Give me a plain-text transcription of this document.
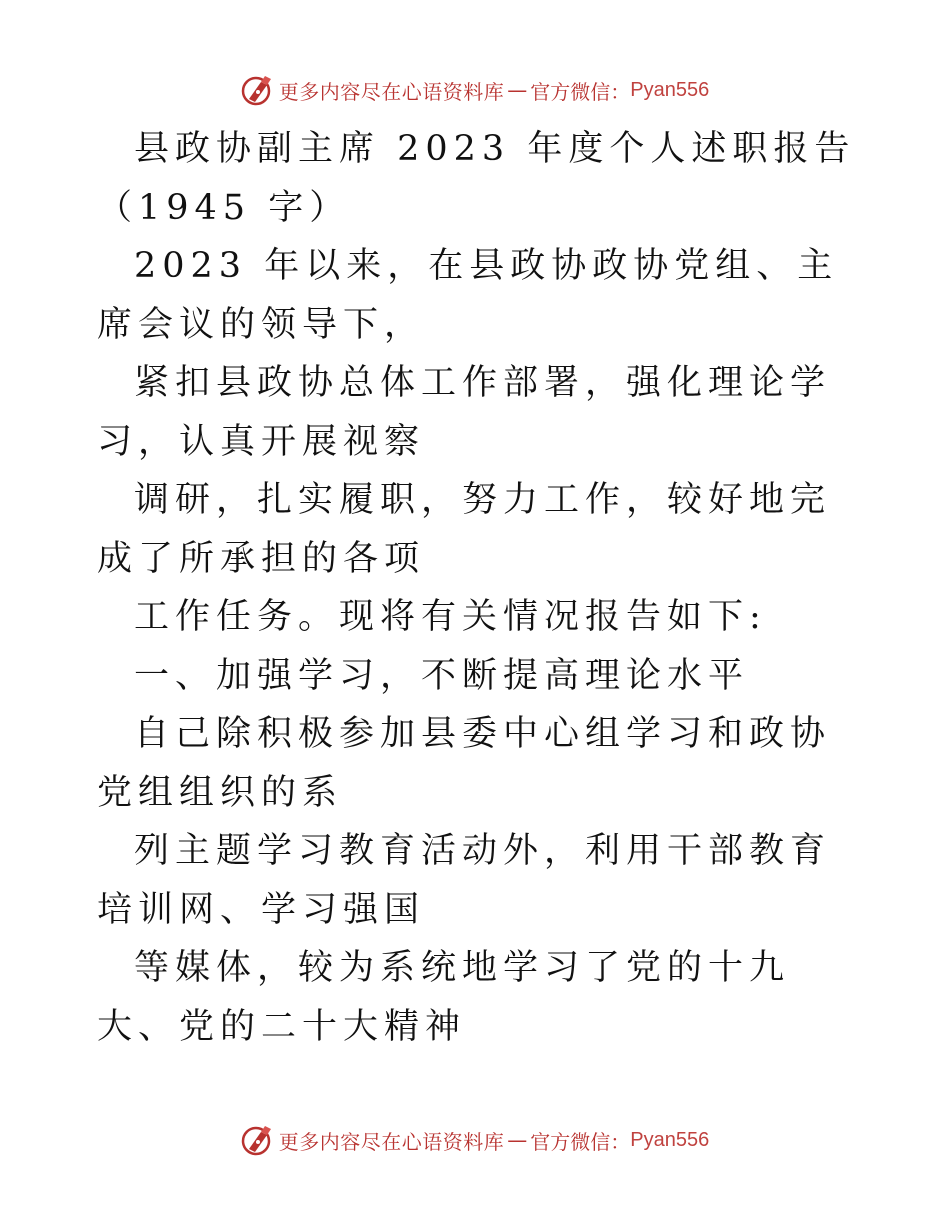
更多内容尽在心语资料库 — 官方微信： Pyan556

县政协副主席 2023 年度个人述职报告（1945 字）

2023 年以来，在县政协政协党组、主席会议的领导下，

紧扣县政协总体工作部署，强化理论学习，认真开展视察

调研，扎实履职，努力工作，较好地完成了所承担的各项

工作任务。现将有关情况报告如下:

一、加强学习，不断提高理论水平

自己除积极参加县委中心组学习和政协党组组织的系

列主题学习教育活动外，利用干部教育培训网、学习强国

等媒体，较为系统地学习了党的十九大、党的二十大精神

更多内容尽在心语资料库 — 官方微信： Pyan556
